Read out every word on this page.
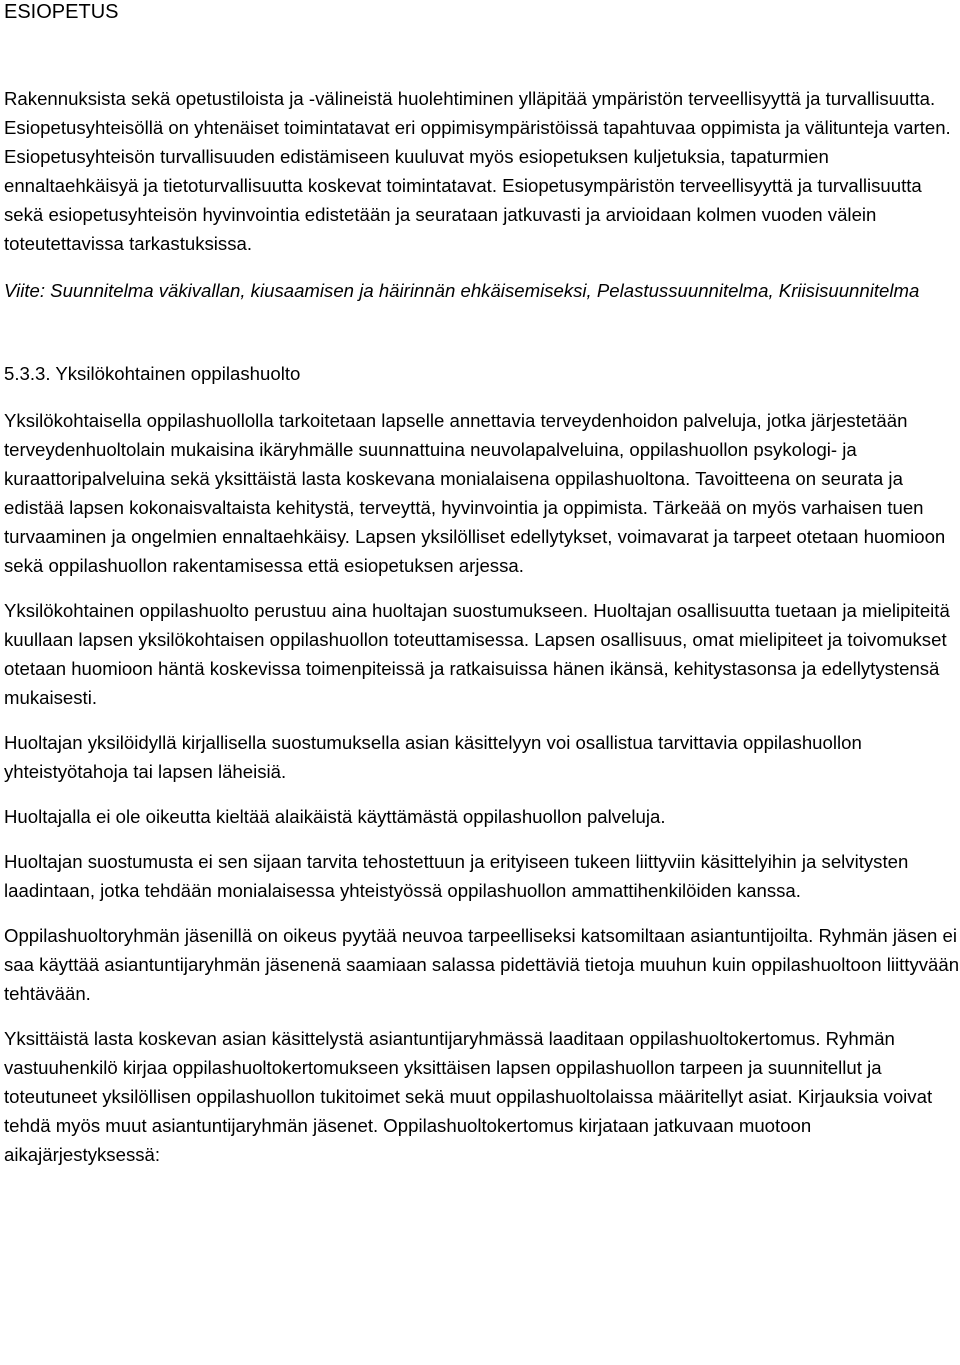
ESIOPETUS

Rakennuksista sekä opetustiloista ja -välineistä huolehtiminen ylläpitää ympäristön terveellisyyttä ja turvallisuutta. Esiopetusyhteisöllä on yhtenäiset toimintatavat eri oppimisympäristöissä tapahtuvaa oppimista ja välitunteja varten. Esiopetusyhteisön turvallisuuden edistämiseen kuuluvat myös esiopetuksen kuljetuksia, tapaturmien ennaltaehkäisyä ja tietoturvallisuutta koskevat toimintatavat. Esiopetusympäristön terveellisyyttä ja turvallisuutta sekä esiopetusyhteisön hyvinvointia edistetään ja seurataan jatkuvasti ja arvioidaan kolmen vuoden välein toteutettavissa tarkastuksissa.

Viite: Suunnitelma väkivallan, kiusaamisen ja häirinnän ehkäisemiseksi, Pelastussuunnitelma, Kriisisuunnitelma

5.3.3. Yksilökohtainen oppilashuolto

Yksilökohtaisella oppilashuollolla tarkoitetaan lapselle annettavia terveydenhoidon palveluja, jotka järjestetään terveydenhuoltolain mukaisina ikäryhmälle suunnattuina neuvolapalveluina, oppilashuollon psykologi- ja kuraattoripalveluina sekä yksittäistä lasta koskevana monialaisena oppilashuoltona. Tavoitteena on seurata ja edistää lapsen kokonaisvaltaista kehitystä, terveyttä, hyvinvointia ja oppimista. Tärkeää on myös varhaisen tuen turvaaminen ja ongelmien ennaltaehkäisy. Lapsen yksilölliset edellytykset, voimavarat ja tarpeet otetaan huomioon sekä oppilashuollon rakentamisessa että esiopetuksen arjessa.

Yksilökohtainen oppilashuolto perustuu aina huoltajan suostumukseen. Huoltajan osallisuutta tuetaan ja mielipiteitä kuullaan lapsen yksilökohtaisen oppilashuollon toteuttamisessa. Lapsen osallisuus, omat mielipiteet ja toivomukset otetaan huomioon häntä koskevissa toimenpiteissä ja ratkaisuissa hänen ikänsä, kehitystasonsa ja edellytystensä mukaisesti.

Huoltajan yksilöidyllä kirjallisella suostumuksella asian käsittelyyn voi osallistua tarvittavia oppilashuollon yhteistyötahoja tai lapsen läheisiä.

Huoltajalla ei ole oikeutta kieltää alaikäistä käyttämästä oppilashuollon palveluja.

Huoltajan suostumusta ei sen sijaan tarvita tehostettuun ja erityiseen tukeen liittyviin käsittelyihin ja selvitysten laadintaan, jotka tehdään monialaisessa yhteistyössä oppilashuollon ammattihenkilöiden kanssa.

Oppilashuoltoryhmän jäsenillä on oikeus pyytää neuvoa tarpeelliseksi katsomiltaan asiantuntijoilta. Ryhmän jäsen ei saa käyttää asiantuntijaryhmän jäsenenä saamiaan salassa pidettäviä tietoja muuhun kuin oppilashuoltoon liittyvään tehtävään.

Yksittäistä lasta koskevan asian käsittelystä asiantuntijaryhmässä laaditaan oppilashuoltokertomus. Ryhmän vastuuhenkilö kirjaa oppilashuoltokertomukseen yksittäisen lapsen oppilashuollon tarpeen ja suunnitellut ja toteutuneet yksilöllisen oppilashuollon tukitoimet sekä muut oppilashuoltolaissa määritellyt asiat. Kirjauksia voivat tehdä myös muut asiantuntijaryhmän jäsenet. Oppilashuoltokertomus kirjataan jatkuvaan muotoon aikajärjestyksessä:
